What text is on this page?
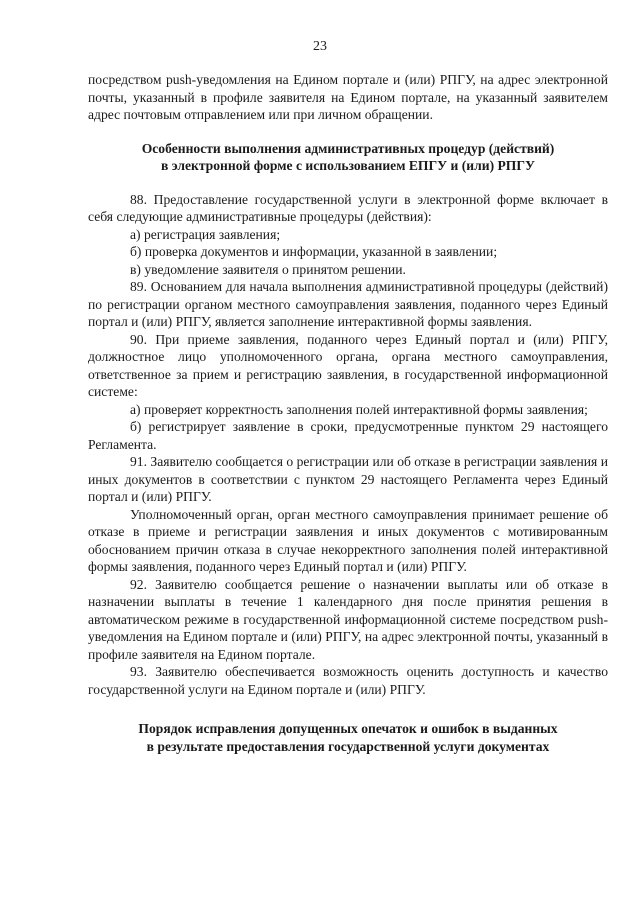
23

посредством push-уведомления на Едином портале и (или) РПГУ, на адрес электронной почты, указанный в профиле заявителя на Едином портале, на указанный заявителем адрес почтовым отправлением или при личном обращении.

Особенности выполнения административных процедур (действий)
в электронной форме с использованием ЕПГУ и (или) РПГУ

88. Предоставление государственной услуги в электронной форме включает в себя следующие административные процедуры (действия):

а) регистрация заявления;

б) проверка документов и информации, указанной в заявлении;

в) уведомление заявителя о принятом решении.

89. Основанием для начала выполнения административной процедуры (действий) по регистрации органом местного самоуправления заявления, поданного через Единый портал и (или) РПГУ, является заполнение интерактивной формы заявления.

90. При приеме заявления, поданного через Единый портал и (или) РПГУ, должностное лицо уполномоченного органа, органа местного самоуправления, ответственное за прием и регистрацию заявления, в государственной информационной системе:

а) проверяет корректность заполнения полей интерактивной формы заявления;

б) регистрирует заявление в сроки, предусмотренные пунктом 29 настоящего Регламента.

91. Заявителю сообщается о регистрации или об отказе в регистрации заявления и иных документов в соответствии с пунктом 29 настоящего Регламента через Единый портал и (или) РПГУ.

Уполномоченный орган, орган местного самоуправления принимает решение об отказе в приеме и регистрации заявления и иных документов с мотивированным обоснованием причин отказа в случае некорректного заполнения полей интерактивной формы заявления, поданного через Единый портал и (или) РПГУ.

92. Заявителю сообщается решение о назначении выплаты или об отказе в назначении выплаты в течение 1 календарного дня после принятия решения в автоматическом режиме в государственной информационной системе посредством push-уведомления на Едином портале и (или) РПГУ, на адрес электронной почты, указанный в профиле заявителя на Едином портале.

93. Заявителю обеспечивается возможность оценить доступность и качество государственной услуги на Едином портале и (или) РПГУ.

Порядок исправления допущенных опечаток и ошибок в выданных
в результате предоставления государственной услуги документах
